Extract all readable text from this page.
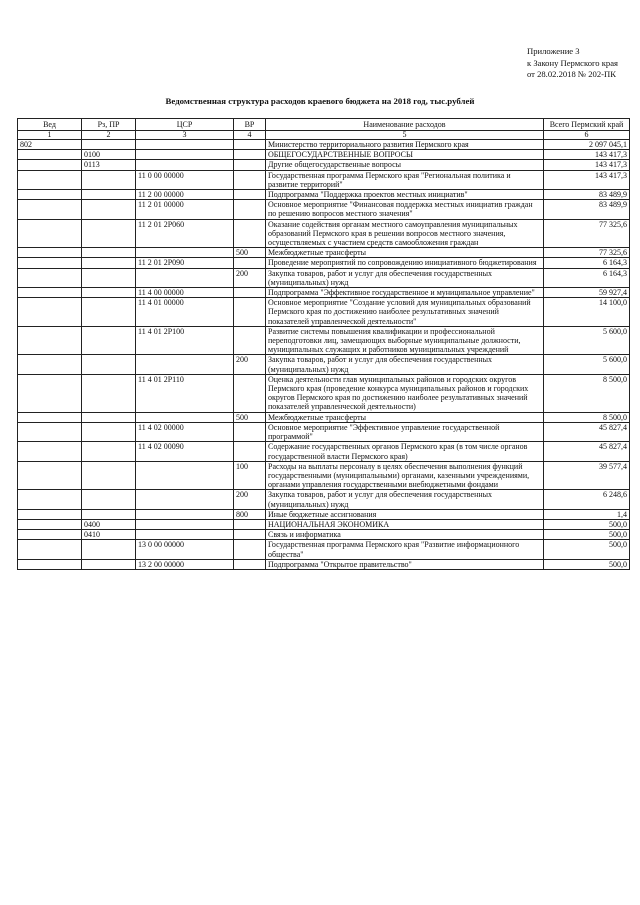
Приложение 3
к Закону Пермского края
от 28.02.2018 № 202-ПК
Ведомственная структура расходов краевого бюджета на 2018 год, тыс.рублей
Вед	Рз, ПР	ЦСР	ВР	Наименование расходов	Всего Пермский край
1	2	3	4	5	6
802				Министерство территориального развития Пермского края	2 097 045,1
	0100			ОБЩЕГОСУДАРСТВЕННЫЕ ВОПРОСЫ	143 417,3
	0113			Другие общегосударственные вопросы	143 417,3
		11 0 00 00000		Государственная программа Пермского края "Региональная политика и развитие территорий"	143 417,3
		11 2 00 00000		Подпрограмма "Поддержка проектов местных инициатив"	83 489,9
		11 2 01 00000		Основное мероприятие "Финансовая поддержка местных инициатив граждан по решению вопросов местного значения"	83 489,9
		11 2 01 2Р060		Оказание содействия органам местного самоуправления муниципальных образований Пермского края в решении вопросов местного значения, осуществляемых с участием средств самообложения граждан	77 325,6
			500	Межбюджетные трансферты	77 325,6
		11 2 01 2Р090		Проведение мероприятий по сопровождению инициативного бюджетирования	6 164,3
			200	Закупка товаров, работ и услуг для обеспечения государственных (муниципальных) нужд	6 164,3
		11 4 00 00000		Подпрограмма "Эффективное государственное и муниципальное управление"	59 927,4
		11 4 01 00000		Основное мероприятие "Создание условий для муниципальных образований Пермского края по достижению наиболее результативных значений показателей управленческой деятельности"	14 100,0
		11 4 01 2Р100		Развитие системы повышения квалификации и профессиональной переподготовки лиц, замещающих выборные муниципальные должности, муниципальных служащих и работников муниципальных учреждений	5 600,0
			200	Закупка товаров, работ и услуг для обеспечения государственных (муниципальных) нужд	5 600,0
		11 4 01 2Р110		Оценка деятельности глав муниципальных районов и городских округов Пермского края (проведение конкурса муниципальных районов и городских округов Пермского края по достижению наиболее результативных значений показателей управленческой деятельности)	8 500,0
			500	Межбюджетные трансферты	8 500,0
		11 4 02 00000		Основное мероприятие "Эффективное управление государственной программой"	45 827,4
		11 4 02 00090		Содержание государственных органов Пермского края (в том числе органов государственной власти Пермского края)	45 827,4
			100	Расходы на выплаты персоналу в целях обеспечения выполнения функций государственными (муниципальными) органами, казенными учреждениями, органами управления государственными внебюджетными фондами	39 577,4
			200	Закупка товаров, работ и услуг для обеспечения государственных (муниципальных) нужд	6 248,6
			800	Иные бюджетные ассигнования	1,4
	0400			НАЦИОНАЛЬНАЯ ЭКОНОМИКА	500,0
	0410			Связь и информатика	500,0
		13 0 00 00000		Государственная программа Пермского края "Развитие информационного общества"	500,0
		13 2 00 00000		Подпрограмма "Открытое правительство"	500,0
